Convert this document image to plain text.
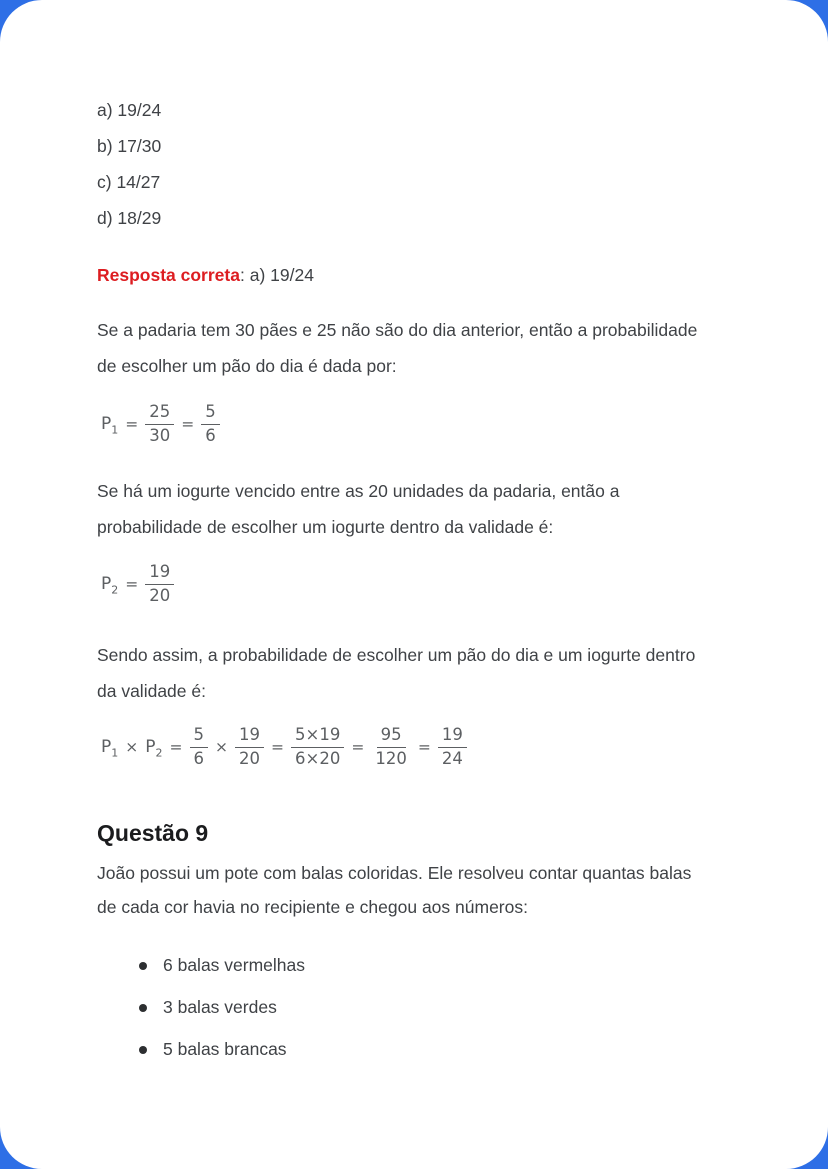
a) 19/24
b) 17/30
c) 14/27
d) 18/29
Resposta correta: a) 19/24
Se a padaria tem 30 pães e 25 não são do dia anterior, então a probabilidade
de escolher um pão do dia é dada por:
$P_1 = \frac{25}{30} = \frac{5}{6}$
Se há um iogurte vencido entre as 20 unidades da padaria, então a
probabilidade de escolher um iogurte dentro da validade é:
$P_2 = \frac{19}{20}$
Sendo assim, a probabilidade de escolher um pão do dia e um iogurte dentro
da validade é:
$P_1 \times P_2 = \frac{5}{6} \times \frac{19}{20} = \frac{5\times 19}{6\times 20} = \frac{95}{120} = \frac{19}{24}$
Questão 9
João possui um pote com balas coloridas. Ele resolveu contar quantas balas
de cada cor havia no recipiente e chegou aos números:
6 balas vermelhas
3 balas verdes
5 balas brancas
